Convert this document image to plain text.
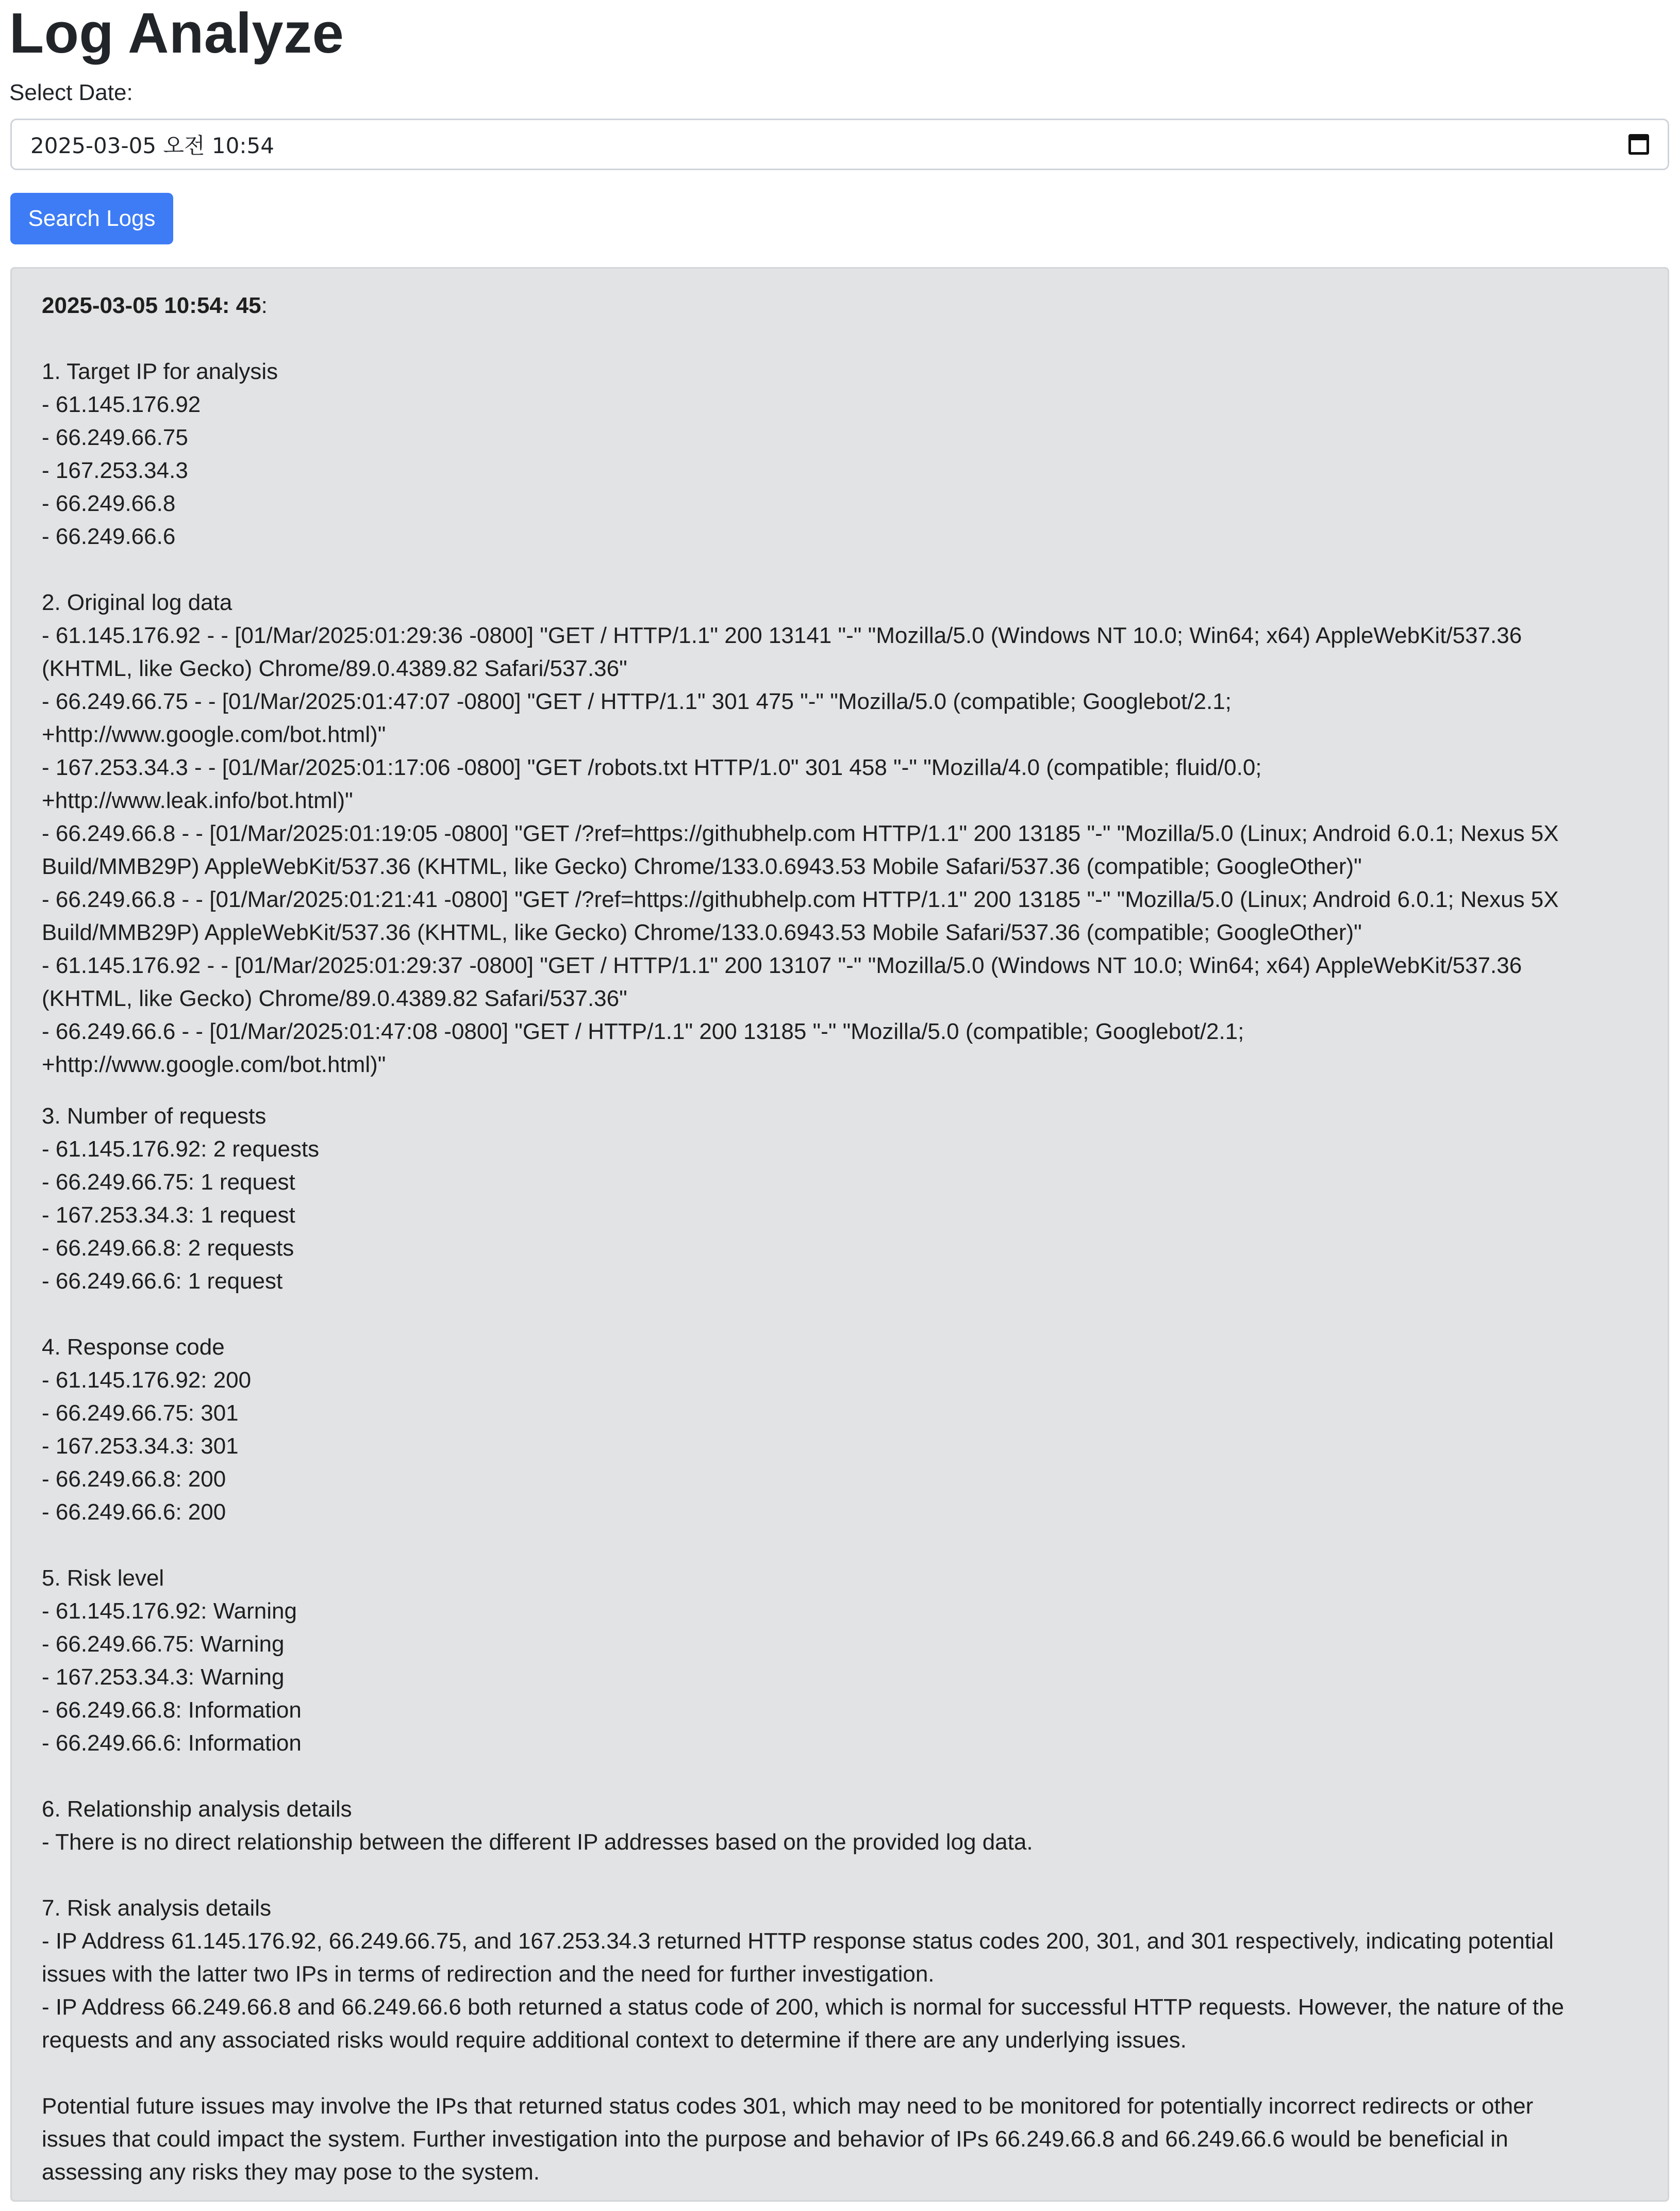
Log Analyze
Select Date:
2025-03-05 오전 10:54
Search Logs

2025-03-05 10:54: 45:

1. Target IP for analysis
- 61.145.176.92
- 66.249.66.75
- 167.253.34.3
- 66.249.66.8
- 66.249.66.6
2. Original log data
- 61.145.176.92 - - [01/Mar/2025:01:29:36 -0800] "GET / HTTP/1.1" 200 13141 "-" "Mozilla/5.0 (Windows NT 10.0; Win64; x64) AppleWebKit/537.36
(KHTML, like Gecko) Chrome/89.0.4389.82 Safari/537.36"
- 66.249.66.75 - - [01/Mar/2025:01:47:07 -0800] "GET / HTTP/1.1" 301 475 "-" "Mozilla/5.0 (compatible; Googlebot/2.1;
+http://www.google.com/bot.html)"
- 167.253.34.3 - - [01/Mar/2025:01:17:06 -0800] "GET /robots.txt HTTP/1.0" 301 458 "-" "Mozilla/4.0 (compatible; fluid/0.0;
+http://www.leak.info/bot.html)"
- 66.249.66.8 - - [01/Mar/2025:01:19:05 -0800] "GET /?ref=https://githubhelp.com HTTP/1.1" 200 13185 "-" "Mozilla/5.0 (Linux; Android 6.0.1; Nexus 5X
Build/MMB29P) AppleWebKit/537.36 (KHTML, like Gecko) Chrome/133.0.6943.53 Mobile Safari/537.36 (compatible; GoogleOther)"
- 66.249.66.8 - - [01/Mar/2025:01:21:41 -0800] "GET /?ref=https://githubhelp.com HTTP/1.1" 200 13185 "-" "Mozilla/5.0 (Linux; Android 6.0.1; Nexus 5X
Build/MMB29P) AppleWebKit/537.36 (KHTML, like Gecko) Chrome/133.0.6943.53 Mobile Safari/537.36 (compatible; GoogleOther)"
- 61.145.176.92 - - [01/Mar/2025:01:29:37 -0800] "GET / HTTP/1.1" 200 13107 "-" "Mozilla/5.0 (Windows NT 10.0; Win64; x64) AppleWebKit/537.36
(KHTML, like Gecko) Chrome/89.0.4389.82 Safari/537.36"
- 66.249.66.6 - - [01/Mar/2025:01:47:08 -0800] "GET / HTTP/1.1" 200 13185 "-" "Mozilla/5.0 (compatible; Googlebot/2.1;
+http://www.google.com/bot.html)"
3. Number of requests
- 61.145.176.92: 2 requests
- 66.249.66.75: 1 request
- 167.253.34.3: 1 request
- 66.249.66.8: 2 requests
- 66.249.66.6: 1 request
4. Response code
- 61.145.176.92: 200
- 66.249.66.75: 301
- 167.253.34.3: 301
- 66.249.66.8: 200
- 66.249.66.6: 200
5. Risk level
- 61.145.176.92: Warning
- 66.249.66.75: Warning
- 167.253.34.3: Warning
- 66.249.66.8: Information
- 66.249.66.6: Information
6. Relationship analysis details
- There is no direct relationship between the different IP addresses based on the provided log data.
7. Risk analysis details
- IP Address 61.145.176.92, 66.249.66.75, and 167.253.34.3 returned HTTP response status codes 200, 301, and 301 respectively, indicating potential
issues with the latter two IPs in terms of redirection and the need for further investigation.
- IP Address 66.249.66.8 and 66.249.66.6 both returned a status code of 200, which is normal for successful HTTP requests. However, the nature of the
requests and any associated risks would require additional context to determine if there are any underlying issues.
Potential future issues may involve the IPs that returned status codes 301, which may need to be monitored for potentially incorrect redirects or other
issues that could impact the system. Further investigation into the purpose and behavior of IPs 66.249.66.8 and 66.249.66.6 would be beneficial in
assessing any risks they may pose to the system.
